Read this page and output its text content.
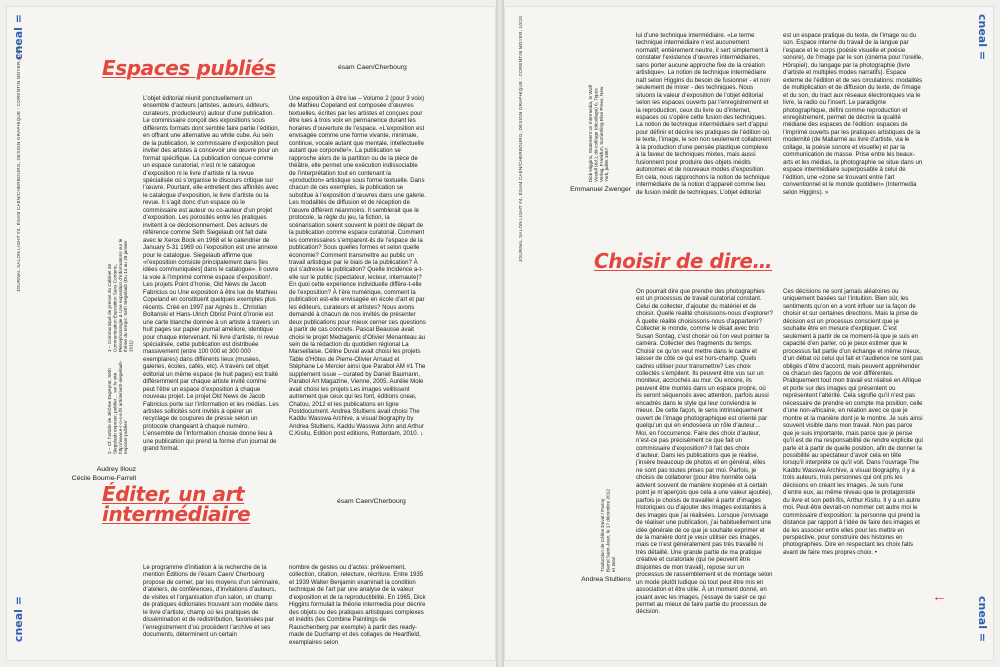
cneal =
JOURNAL SALON LIGHT #4, ÉSAM CAEN/CHERBOURG, DESIGN GRAPHIQUE : CORENTIN MOYER, 10/20
cneal =
Espaces publiés	ésam Caen/Cherbourg
1 – Communiqué de presse du Cabinet de Communication Exposition Sans Contenu, Piècephotologie & Une exposition d’informations sur le thème du temps: Seth Siegelaub (Du 14 au 29 janvier 2011)
2 – Cf. l’article de Jérôme Dupeyrat, Seth Siegelaub exposer, publier… sur le site http://www.e-r-o-s-e.fr/ article/seth-siegelaub-exposer-publier/
Audrey Illouz
Cécile Bourne-Farrell
L’objet éditorial réunit ponctuellement un ensemble d’acteurs (artistes, auteurs, éditeurs, curateurs, producteurs) autour d’une publication. Le commissaire conçoit des expositions sous différents formats dont semble faire partie l’édition, en offrant une alternative au white cube. Au sein de la publication, le commissaire d’exposition peut inviter des artistes à concevoir une œuvre pour un format spécifique. La publication conçue comme un espace curatorial, n’est ni le catalogue d’exposition ni le livre d’artiste ni la revue spécialisée où s’organise le discours critique sur l’œuvre. Pourtant, elle entretient des affinités avec le catalogue d’exposition, le livre d’artiste ou la revue. Il s’agit donc d’un espace où le commissaire est auteur ou co-auteur d’un projet d’exposition. Les porosités entre les pratiques invitent à ce décloisonnement. Des acteurs de référence comme Seth Siegelaub ont fait date avec le Xerox Book en 1968 et le calendrier de January 5-31 1969 où l’exposition est une annexe pour le catalogue. Siegelaub affirme que «l’exposition consiste principalement dans [les idées communiquées] dans le catalogue». Il ouvre la voie à l’imprimé comme espace d’exposition¹. Les projets Point d’Ironie, Old News de Jacob Fabricius ou Une exposition à être lue de Mathieu Copeland en constituent quelques exemples plus récents. Créé en 1997 par Agnès b., Christian Boltanski et Hans-Ulrich Obrist Point d’Ironie est une carte blanche donnée à un artiste à travers un huit pages sur papier journal améliore, identique pour chaque intervenant. Ni livre d’artiste, ni revue spécialisée, cette publication est distribuée massivement (entre 100 000 et 300 000 exemplaires) dans différents lieux (musées, galeries, écoles, cafés, etc). A travers cet objet éditorial un même espace (le huit pages) est traité différemment par chaque artiste invité comme peut l’être un espace d’exposition à chaque nouveau projet. Le projet Old News de Jacob Fabricius porte sur l’information et les médias. Les artistes sollicités sont invités à opérer un recyclage de coupures de presse selon un protocole changeant à chaque numéro. L’ensemble de l’information choisie donne lieu à une publication qui prend la forme d’un journal de grand format.
Une exposition à être lue – Volume 2 (pour 3 voix) de Mathieu Copeland est composée d’œuvres textuelles, écrites par les artistes et conçues pour être lues à trois voix en permanence durant les horaires d’ouverture de l’espace. «L’exposition est envisagée comme une forme vivante, minimale, continue, vocale autant que mentale, intellectuelle autant que corporelle²». La publication se rapproche alors de la partition ou de la pièce de théâtre, elle permet une exécution indissociable de l’interprétation tout en contenant la «production» artistique sous forme textuelle. Dans chacun de ces exemples, la publication se substitue à l’exposition d’œuvres dans une galerie. Les modalités de diffusion et de réception de l’œuvre diffèrent néanmoins. Il semblerait que le protocole, la règle du jeu, la fiction, la scénarisation soient souvent le point de départ de la publication comme espace curatorial. Comment les commissaires s’emparent-ils de l’espace de la publication? Sous quelles formes et selon quelle économie? Comment transmettre au public un travail artistique par le biais de la publication? À qui s’adresse la publication? Quelle incidence a-t-elle sur le public (spectateur, lecteur, internaute)? En quoi cette expérience individuelle diffère-t-elle de l’exposition? À t’ère numérique, comment la publication est-elle envisagée en école d’art et par les éditeurs, curateurs et artistes? Nous avons demandé à chacun de nos invités de présenter deux publications pour mieux cerner ces questions à partir de cas concrets. Pascal Beausse avait choisi le projet Mediagenic d’Olivier Menanteau au sein de la rédaction du quotidien régional La Marseillaise. Céline Duval avait choisi les projets Table d’Hôtes de Pierre-Olivier Arnaud et Stéphane Le Mercier ainsi que Parabol AM #1 The supplement issue – curated by Daniel Baumann, Parabol Art Magazine, Vienne, 2005. Aurélie Mole avait choisi les projets Les images veillissent autrement que ceux qui les font, éditions cneai, Chatou, 2012 et les publications en ligne Postdocument. Andrea Stultiens avait choisi The Kaddu Wasswa Archive, a visual biography by Andrea Stultiens, Kaddu Wasswa John and Arthur C.Kisitu, Edition post editions, Rotterdam, 2010. ↓
ésam Caen/Cherbourg
Éditer, un art intermédiaire
Le programme d’initiation à la recherche de la mention Éditions de l’ésam Caen/ Cherbourg propose de cerner, par les moyens d’un séminaire, d’ateliers, de conférences, d’invitations d’auteurs, de visites et l’organisation d’un salon, un champ de pratiques éditoriales trouvant son modèle dans le livre d’artiste, champ où les pratiques de dissémination et de redistribution, favorisées par l’enregistrement d’où procèdent l’archive et ses documents, déterminent un certain
nombre de gestes ou d’actes: prélèvement, collection, citation, relecture, récriture. Entre 1935 et 1939 Walter Benjamin examinait la condition technique de l’art par une analyse de la valeur d’exposition et de la reproductibilité. En 1965, Dick Higgins formulait la théorie intermedia pour décrire des objets ou des pratiques artistiques complexes et inédits (les Combine Paintings de Rauschenberg par exemple) à partir des ready-made de Duchamp et des collages de Heartfield, exemplaires selon
cneal =
JOURNAL SALON LIGHT #4, ÉSAM CAEN/CHERBOURG, DESIGN GRAPHIQUE : CORENTIN MOYER, 10/20
cneal =
Dick Higgins, Statement on Intermedia, in Wolf Vostell (éd.), dé-coll/age (décollage) 6, Typos Verlag, Frankfurt, Something Else Press, New York, juillet 1967.
Emmanuel Zwenger
lui d’une technique intermédiaire. «Le terme technique intermédiaire n’est aucunement normatif; entièrement neutre, il sert simplement à constater l’existence d’œuvres intermédiaires, sans porter aucune approche fixe de la création artistique». La notion de technique intermédiaire naît selon Higgins du besoin de fusionner - et non seulement de mixer - des techniques. Nous situons la valeur d’exposition de l’objet éditorial selon les espaces ouverts par l’enregistrement et la reproduction, ceux du livre ou d’internet, espaces où s’opère cette fusion des techniques. La notion de technique intermédiaire sert d’appui pour définir et décrire les pratiques de l’édition où le texte, l’image, le son non seulement collaborent à la production d’une pensée plastique complexe à la faveur de techniques mixtes, mais aussi fusionnent pour produire des objets inédits autonomes et de nouveaux modes d’exposition. En cela, nous rapprochons la notion de technique intermédiaire de la notion d’appareil comme lieu de fusion inédit de techniques. L’objet éditorial
est un espace pratique du texte, de l’image ou du son. Espace interne du travail de la langue par l’espace et le corps (poésie visuelle et poésie sonore), de l’image par le son (cinéma pour l’oreille, Hörspiel), du langage par la photographie (livre d’artiste et multiples modes narratifs). Espace externe de l’édition et de ses circulations: modalités de multiplication et de diffusion du texte, de l’image et du son, du tract aux réseaux électroniques via le livre, la radio ou l’insert. Le paradigme photographique, défini comme reproduction et enregistrement, permet de décrire la qualité médiane des espaces de l’édition: espaces de l’imprimé ouverts par les pratiques artistiques de la modernité (de Mallarmé au livre d’artiste, via le collage, la poésie sonore et visuelle) et par la communication de masse. Prise entre les beaux-arts et les médias, la photographie se situe dans un espace intermédiaire superposable à celui de l’édition, une «zone se trouvant entre l’art conventionnel et le monde quotidien» (Intermedia selon Higgins). »
Choisir de dire…
Traduction de Céline Duval / Fanny Barrel Saint-Jean, le 17 décembre 2012 et Jean
Andrea Stultiens
On pourrait dire que prendre des photographies est un processus de travail curatorial constant. Celui de collecter, d’ajouter du matériel et de choisir. Quelle réalité choisissons-nous d’explorer? À quelle réalité choisissons-nous d’appartenir? Collecter le monde, comme le disait avec brio Susan Sontag, c’est choisir où l’on veut pointer la caméra. Collecter des fragments du temps. Choisir ce qu’on veut mettre dans le cadre et laisser de côté ce qui est hors-champ. Quels cadres utiliser pour transmettre? Les choix collectés s’empilent. Ils peuvent être vus sur un moniteur, accrochés au mur. Ou encore, ils peuvent être montés dans un espace propre, où ils seront séquencés avec attention, parfois aussi encadrés dans le style qui leur conviendra le mieux. De cette façon, le sens intrinsèquement ouvert de l’image photographique est orienté par quelqu’un qui en endossera un rôle d’auteur… Moi, en l’occurrence. Faire des choix d’auteur, n’est-ce pas précisément ce que fait un commissaire d’exposition? Il fait des choix d’auteur. Dans les publications que je réalise, j’insère beaucoup de photos et en général, elles ne sont pas toutes prises par moi. Parfois, je choisis de collaborer (pour être honnête cela advient souvent de manière inopinée et à certain point je m’aperçois que cela a une valeur ajoutée), parfois je choisis de travailler à partir d’images historiques ou d’ajouter des images existantes à des images que j’ai réalisées. Lorsque j’envisage de réaliser une publication, j’ai habituellement une idée générale de ce que je souhaite exprimer et de la manière dont je veux utiliser ces images, mais ce n’est généralement pas très travaillé ni très détaillé. Une grande partie de ma pratique créative et curatoriale (qui ne peuvent être disjointes de mon travail), repose sur un processus de rassemblement et de montage selon un mode plutôt ludique où tout peut être mis en association et être utile. À un moment donné, en jouant avec les images, j’essaye de saisir ce qui permet au mieux de faire partie du processus de décision.
Ces décisions ne sont jamais aléatoires ou uniquement basées sur l’intuition. Bien sûr, les sentiments qu’on en a vont influer sur la façon de choisir et sur certaines directions. Mais la prise de décision est un processus conscient que je souhaite être en mesure d’expliquer. C’est seulement à partir de ce moment-là que je suis en capacité d’en parler, où je peux estimer que le processus fait partie d’un échange et même mieux, d’un débat où celui qui fait et l’audience ne sont pas obligés d’être d’accord, mais peuvent appréhender ce chacun des façons de voir différentes. Pratiquement tout mon travail est réalisé en Afrique et porte sur des images qui présentent ou représentent l’altérité. Cela signifie qu’il n’est pas nécessaire de prendre en compte ma position, celle d’une non-africaine, en relation avec ce que je montre et la manière dont je le montre. Je suis ainsi souvent visible dans mon travail. Non pas parce que je suis importante, mais parce que je pense qu’il est de ma responsabilité de rendre explicite qui parle et à partir de quelle position, afin de donner la possibilité au spectateur d’avoir cela en tête lorsqu’il interprète ce qu’il voit. Dans l’ouvrage The Kaddu Wasswa Archive, a visual biography, il y a trois auteurs, trois personnes qui ont pris les décisions en créant les images. Je suis l’une d’entre eux, au même niveau que le protagoniste du livre et son petit-fils, Arthur Kisitu. Il y a un autre moi. Peut-être devrait-on nommer cet autre moi le commissaire d’exposition: la personne qui prend la distance par rapport à l’idée de faire des images et de les associer entre elles pour les mettre en perspective, pour construire des histoires en photographies. Dire en respectant les choix faits avant de faire mes propres choix. •
←
